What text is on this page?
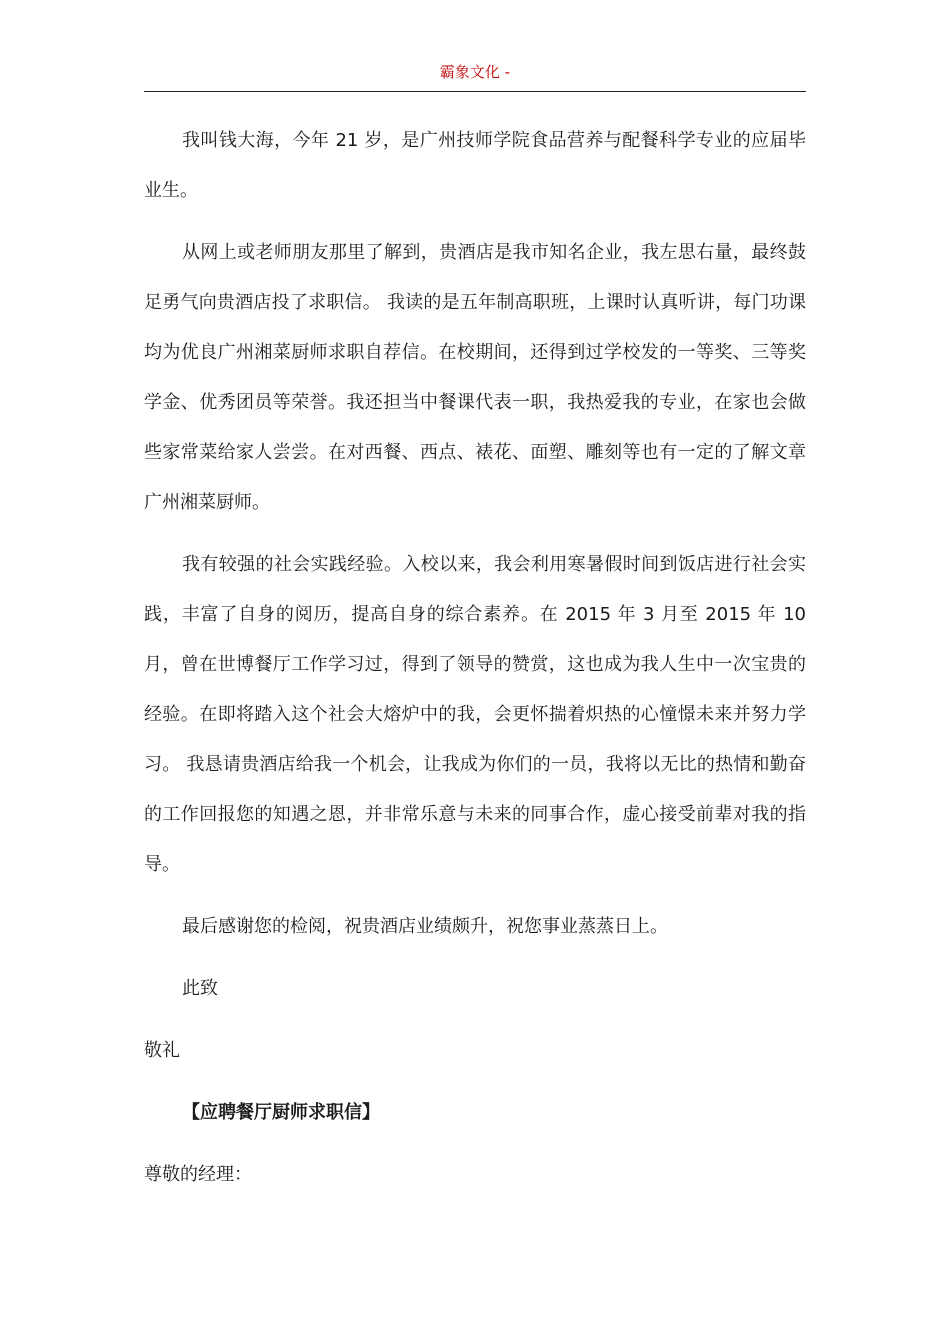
霸象文化 -

我叫钱大海，今年 21 岁，是广州技师学院食品营养与配餐科学专业的应届毕业生。

从网上或老师朋友那里了解到，贵酒店是我市知名企业，我左思右量，最终鼓足勇气向贵酒店投了求职信。 我读的是五年制高职班，上课时认真听讲，每门功课均为优良广州湘菜厨师求职自荐信。在校期间，还得到过学校发的一等奖、三等奖学金、优秀团员等荣誉。我还担当中餐课代表一职，我热爱我的专业，在家也会做些家常菜给家人尝尝。在对西餐、西点、裱花、面塑、雕刻等也有一定的了解文章广州湘菜厨师。

我有较强的社会实践经验。入校以来，我会利用寒暑假时间到饭店进行社会实践，丰富了自身的阅历，提高自身的综合素养。在 2015 年 3 月至 2015 年 10 月，曾在世博餐厅工作学习过，得到了领导的赞赏，这也成为我人生中一次宝贵的经验。在即将踏入这个社会大熔炉中的我，会更怀揣着炽热的心憧憬未来并努力学习。 我恳请贵酒店给我一个机会，让我成为你们的一员，我将以无比的热情和勤奋的工作回报您的知遇之恩，并非常乐意与未来的同事合作，虚心接受前辈对我的指导。

最后感谢您的检阅，祝贵酒店业绩颇升，祝您事业蒸蒸日上。

此致

敬礼

【应聘餐厅厨师求职信】

尊敬的经理：
